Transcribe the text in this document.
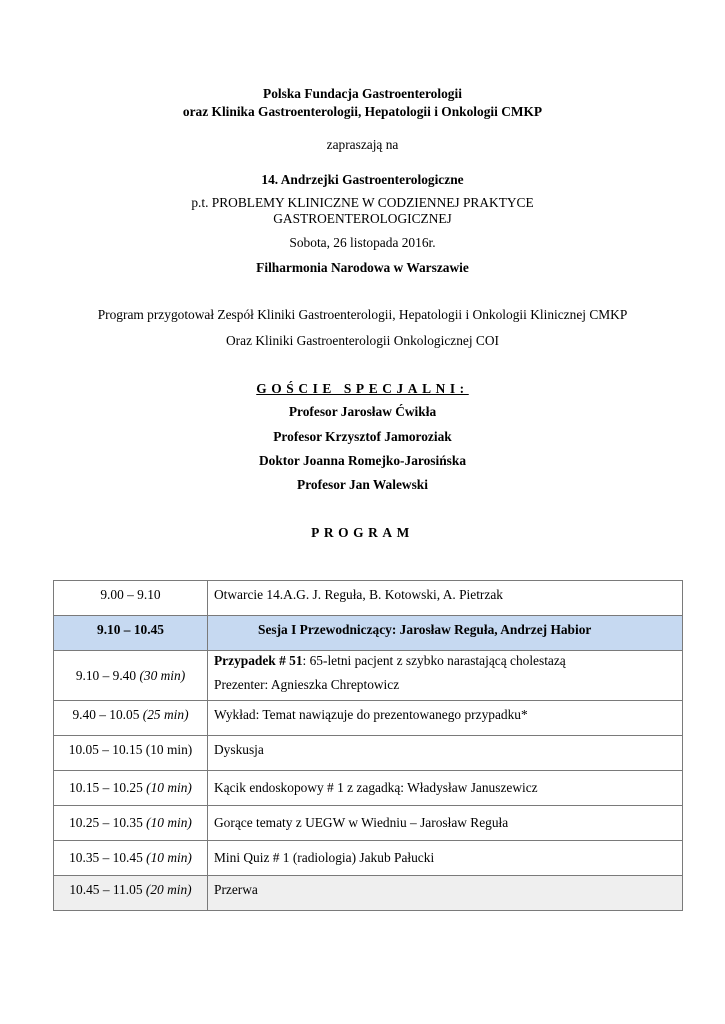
Polska Fundacja Gastroenterologii
oraz Klinika Gastroenterologii, Hepatologii i Onkologii CMKP
zapraszają na
14. Andrzejki Gastroenterologiczne
p.t. PROBLEMY KLINICZNE W CODZIENNEJ PRAKTYCE
GASTROENTEROLOGICZNEJ
Sobota, 26 listopada 2016r.
Filharmonia Narodowa w Warszawie
Program przygotował Zespół Kliniki Gastroenterologii, Hepatologii i Onkologii Klinicznej CMKP
Oraz Kliniki Gastroenterologii Onkologicznej COI
GOŚCIE SPECJALNI:
Profesor Jarosław Ćwikła
Profesor Krzysztof Jamoroziak
Doktor Joanna Romejko-Jarosińska
Profesor Jan Walewski
PROGRAM
9.00 – 9.10	Otwarcie 14.A.G. J. Reguła, B. Kotowski, A. Pietrzak
9.10 – 10.45	Sesja I Przewodniczący: Jarosław Reguła, Andrzej Habior
9.10 – 9.40 (30 min)	Przypadek # 51: 65-letni pacjent z szybko narastającą cholestazą
Prezenter: Agnieszka Chreptowicz

9.40 – 10.05 (25 min)	Wykład: Temat nawiązuje do prezentowanego przypadku*
10.05 – 10.15 (10 min)	Dyskusja
10.15 – 10.25 (10 min)	Kącik endoskopowy # 1 z zagadką: Władysław Januszewicz
10.25 – 10.35 (10 min)	Gorące tematy z UEGW w Wiedniu – Jarosław Reguła
10.35 – 10.45 (10 min)	Mini Quiz # 1 (radiologia) Jakub Pałucki
10.45 – 11.05 (20 min)	Przerwa
